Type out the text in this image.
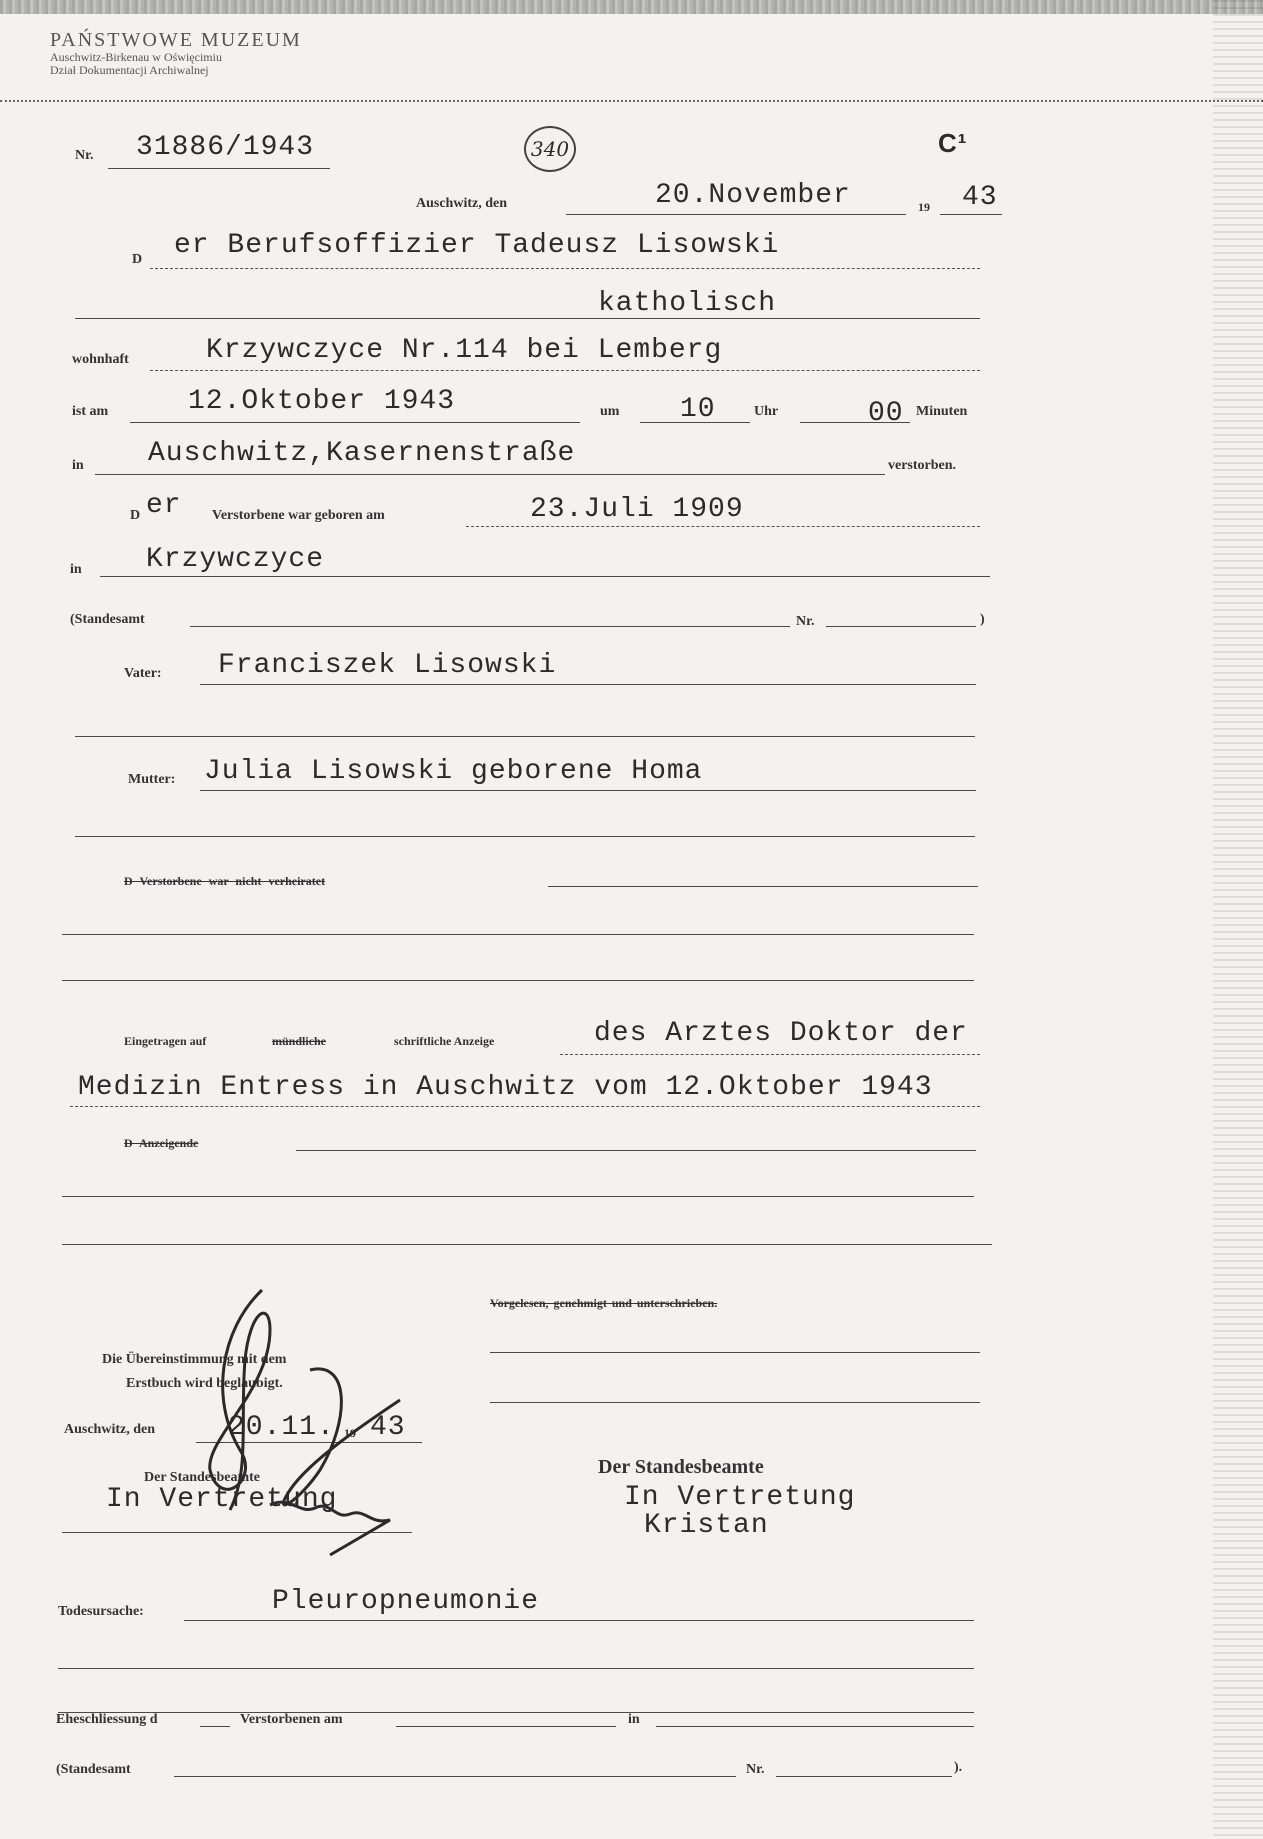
PAŃSTWOWE MUZEUM
Auschwitz-Birkenau w Oświęcimiu
Dział Dokumentacji Archiwalnej
Nr. 31886/1943	340	C¹
Auschwitz, den	20.November	19 43
D er Berufsoffizier Tadeusz Lisowski
katholisch
wohnhaft	Krzywczyce Nr.114 bei Lemberg
ist am	12.Oktober 1943	um 10	Uhr	00 Minuten
in Auschwitz,Kasernenstraße	verstorben.
D er Verstorbene war geboren am	23.Juli 1909
in Krzywczyce
(Standesamt	Nr.	)
Vater: Franciszek Lisowski
Mutter: Julia Lisowski geborene Homa
D Verstorbene war nicht verheiratet
Eingetragen auf	mündliche	schriftliche Anzeige	des Arztes Doktor der
Medizin Entress in Auschwitz vom 12.Oktober 1943
D Anzeigende
Vorgelesen, genehmigt und unterschrieben.
Die Übereinstimmung mit dem
Erstbuch wird beglaubigt.
Auschwitz, den	20.11. 19 43
Der Standesbeamte
In Vertretung
Der Standesbeamte
In Vertretung
Kristan
Todesursache:	Pleuropneumonie
Eheschliessung d	Verstorbenen am	in
(Standesamt	Nr.	).
